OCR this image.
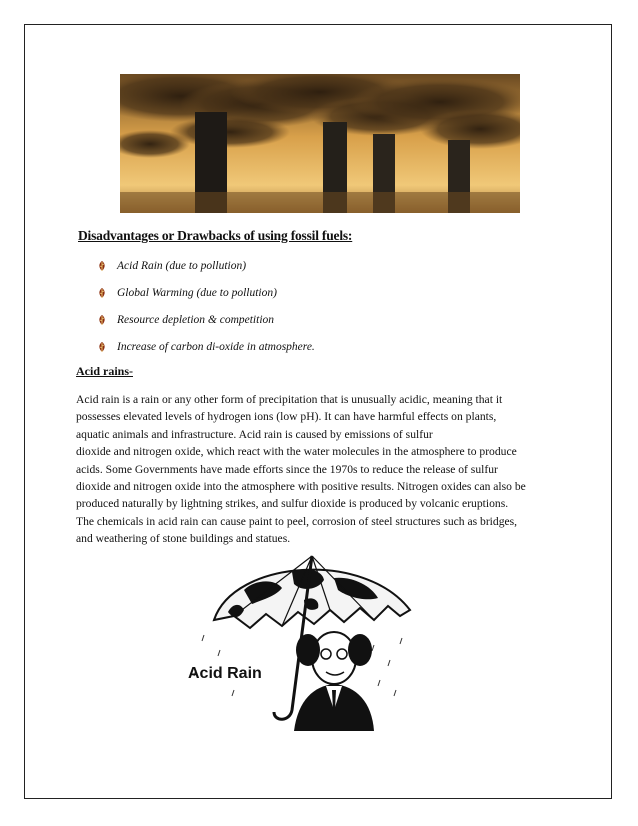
Disadvantages or Drawbacks of using fossil fuels:
Acid Rain (due to pollution)
Global Warming (due to pollution)
Resource depletion & competition
Increase of carbon di-oxide in atmosphere.
Acid rains-

Acid rain is a rain or any other form of precipitation that is unusually acidic, meaning that it
possesses elevated levels of hydrogen ions (low pH). It can have harmful effects on plants,
aquatic animals and infrastructure. Acid rain is caused by emissions of sulfur
dioxide and nitrogen oxide, which react with the water molecules in the atmosphere to produce
acids. Some Governments have made efforts since the 1970s to reduce the release of sulfur
dioxide and nitrogen oxide into the atmosphere with positive results. Nitrogen oxides can also be
produced naturally by lightning strikes, and sulfur dioxide is produced by volcanic eruptions.
The chemicals in acid rain can cause paint to peel, corrosion of steel structures such as bridges,
and weathering of stone buildings and statues.

Acid Rain
